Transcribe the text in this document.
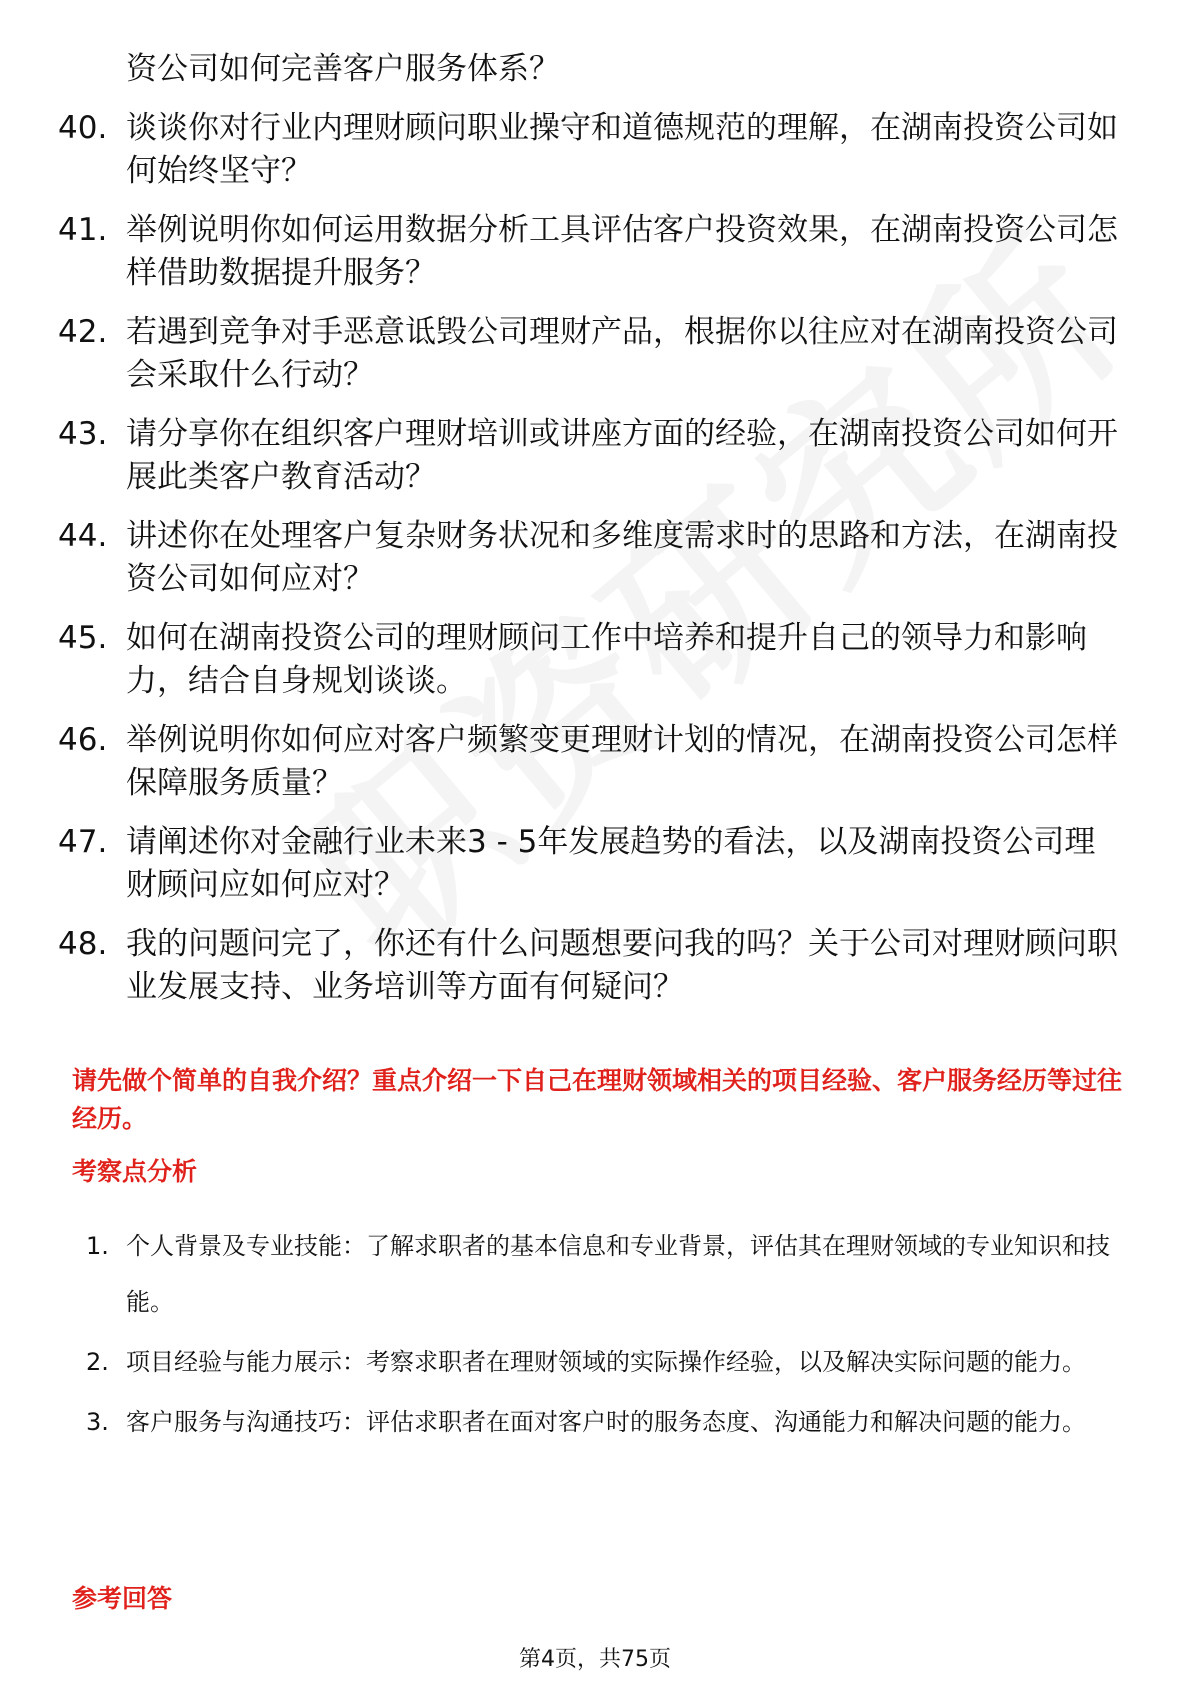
资公司如何完善客户服务体系？

40. 谈谈你对行业内理财顾问职业操守和道德规范的理解，在湖南投资公司如何始终坚守？
41. 举例说明你如何运用数据分析工具评估客户投资效果，在湖南投资公司怎样借助数据提升服务？
42. 若遇到竞争对手恶意诋毁公司理财产品，根据你以往应对在湖南投资公司会采取什么行动？
43. 请分享你在组织客户理财培训或讲座方面的经验，在湖南投资公司如何开展此类客户教育活动？
44. 讲述你在处理客户复杂财务状况和多维度需求时的思路和方法，在湖南投资公司如何应对？
45. 如何在湖南投资公司的理财顾问工作中培养和提升自己的领导力和影响力，结合自身规划谈谈。
46. 举例说明你如何应对客户频繁变更理财计划的情况，在湖南投资公司怎样保障服务质量？
47. 请阐述你对金融行业未来3 - 5年发展趋势的看法，以及湖南投资公司理财顾问应如何应对？
48. 我的问题问完了，你还有什么问题想要问我的吗？关于公司对理财顾问职业发展支持、业务培训等方面有何疑问？

请先做个简单的自我介绍？重点介绍一下自己在理财领域相关的项目经验、客户服务经历等过往经历。

考察点分析
1. 个人背景及专业技能：了解求职者的基本信息和专业背景，评估其在理财领域的专业知识和技能。
2. 项目经验与能力展示：考察求职者在理财领域的实际操作经验，以及解决实际问题的能力。
3. 客户服务与沟通技巧：评估求职者在面对客户时的服务态度、沟通能力和解决问题的能力。
参考回答
第4页，共75页
